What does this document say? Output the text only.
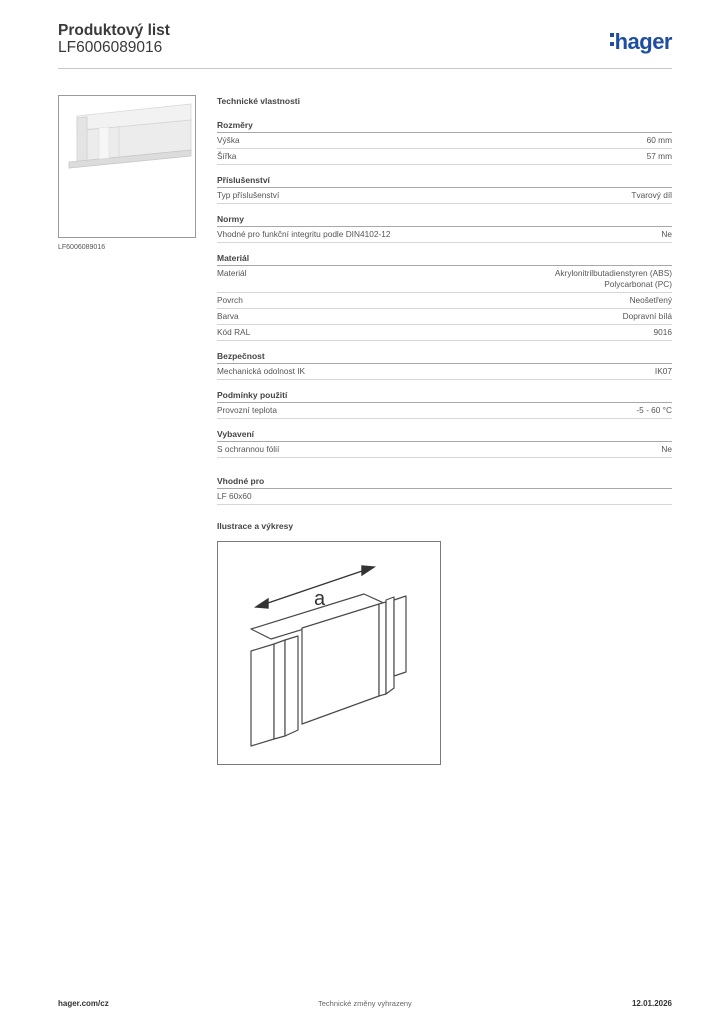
Produktový list
LF6006089016	hager
LF6006089016
Technické vlastnosti
Rozměry
Výška	60 mm
Šířka	57 mm
Příslušenství
Typ příslušenství	Tvarový díl
Normy
Vhodné pro funkční integritu podle DIN4102-12	Ne
Materiál
Materiál	Akrylonitrilbutadienstyren (ABS)
Polycarbonat (PC)
Povrch	Neošetřený
Barva	Dopravní bílá
Kód RAL	9016
Bezpečnost
Mechanická odolnost IK	IK07
Podmínky použití
Provozní teplota	-5 - 60 °C
Vybavení
S ochrannou fólií	Ne
Vhodné pro
LF 60x60
Ilustrace a výkresy
a
hager.com/cz	Technické změny vyhrazeny	12.01.2026
